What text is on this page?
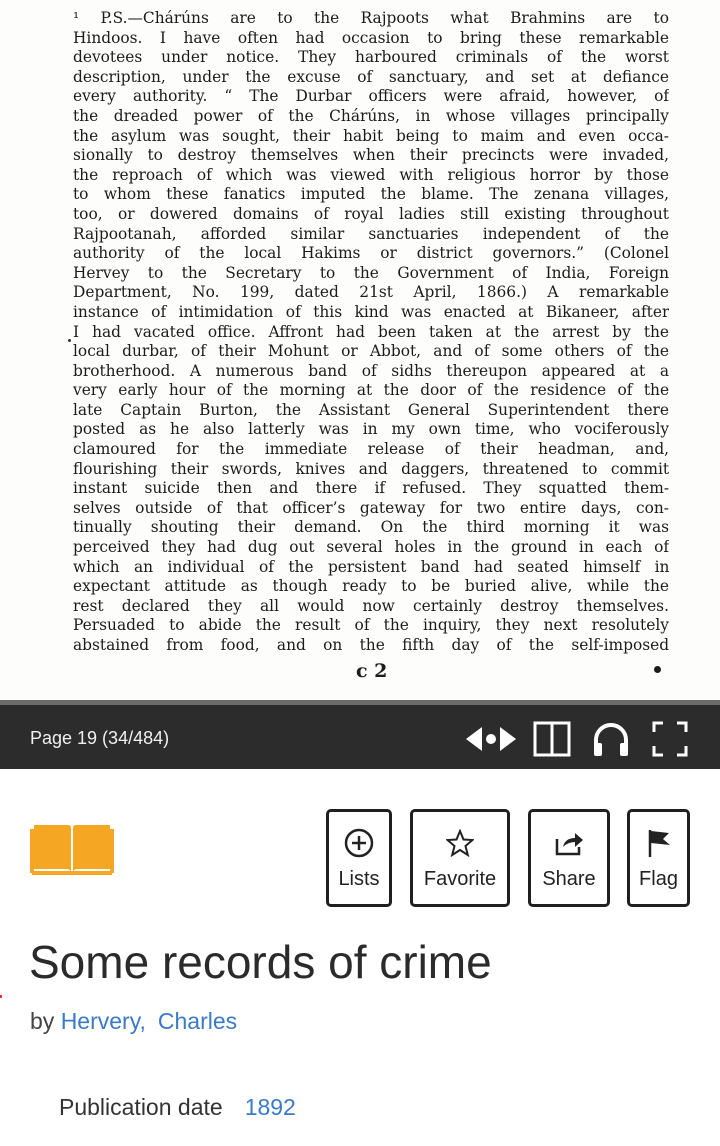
¹ P.S.—Chárúns are to the Rajpoots what Brahmins are to
Hindoos. I have often had occasion to bring these remarkable
devotees under notice. They harboured criminals of the worst
description, under the excuse of sanctuary, and set at defiance
every authority. “ The Durbar officers were afraid, however, of
the dreaded power of the Chárúns, in whose villages principally
the asylum was sought, their habit being to maim and even occa-
sionally to destroy themselves when their precincts were invaded,
the reproach of which was viewed with religious horror by those
to whom these fanatics imputed the blame. The zenana villages,
too, or dowered domains of royal ladies still existing throughout
Rajpootanah, afforded similar sanctuaries independent of the
authority of the local Hakims or district governors.” (Colonel
Hervey to the Secretary to the Government of India, Foreign
Department, No. 199, dated 21st April, 1866.) A remarkable
instance of intimidation of this kind was enacted at Bikaneer, after
I had vacated office. Affront had been taken at the arrest by the
local durbar, of their Mohunt or Abbot, and of some others of the
brotherhood. A numerous band of sidhs thereupon appeared at a
very early hour of the morning at the door of the residence of the
late Captain Burton, the Assistant General Superintendent there
posted as he also latterly was in my own time, who vociferously
clamoured for the immediate release of their headman, and,
flourishing their swords, knives and daggers, threatened to commit
instant suicide then and there if refused. They squatted them-
selves outside of that officer’s gateway for two entire days, con-
tinually shouting their demand. On the third morning it was
perceived they had dug out several holes in the ground in each of
which an individual of the persistent band had seated himself in
expectant attitude as though ready to be buried alive, while the
rest declared they all would now certainly destroy themselves.
Persuaded to abide the result of the inquiry, they next resolutely
abstained from food, and on the fifth day of the self-imposed
c 2
Page 19 (34/484)
Lists Favorite Share Flag
Some records of crime
by Hervery, Charles
Publication date 1892
